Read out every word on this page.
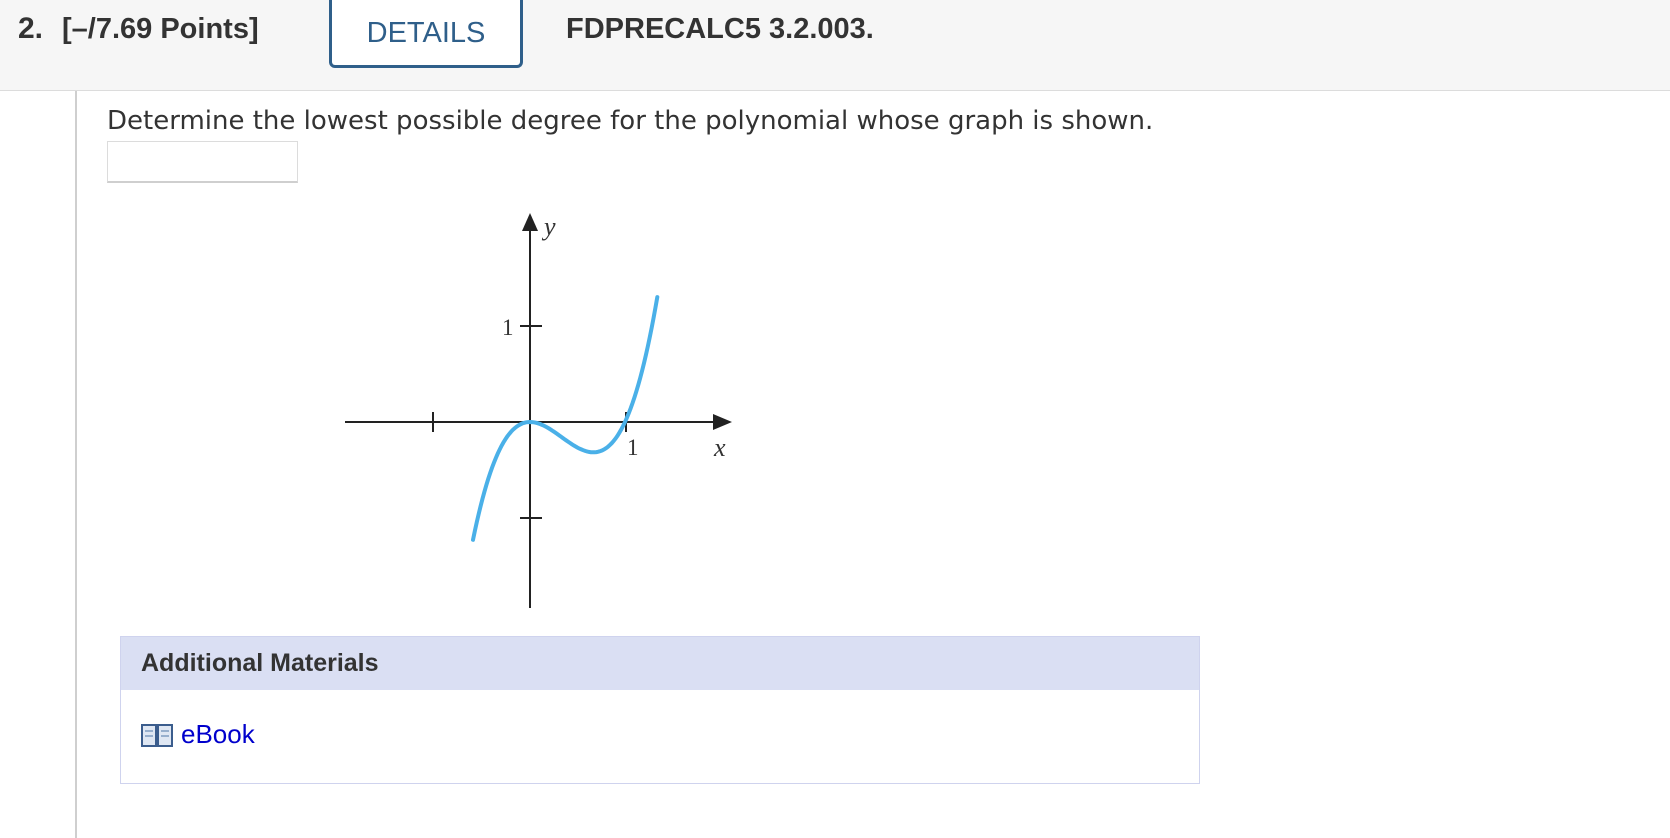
2. [–/7.69 Points]	DETAILS	FDPRECALC5 3.2.003.
Determine the lowest possible degree for the polynomial whose graph is shown.
y
x
1
1
Additional Materials
eBook
